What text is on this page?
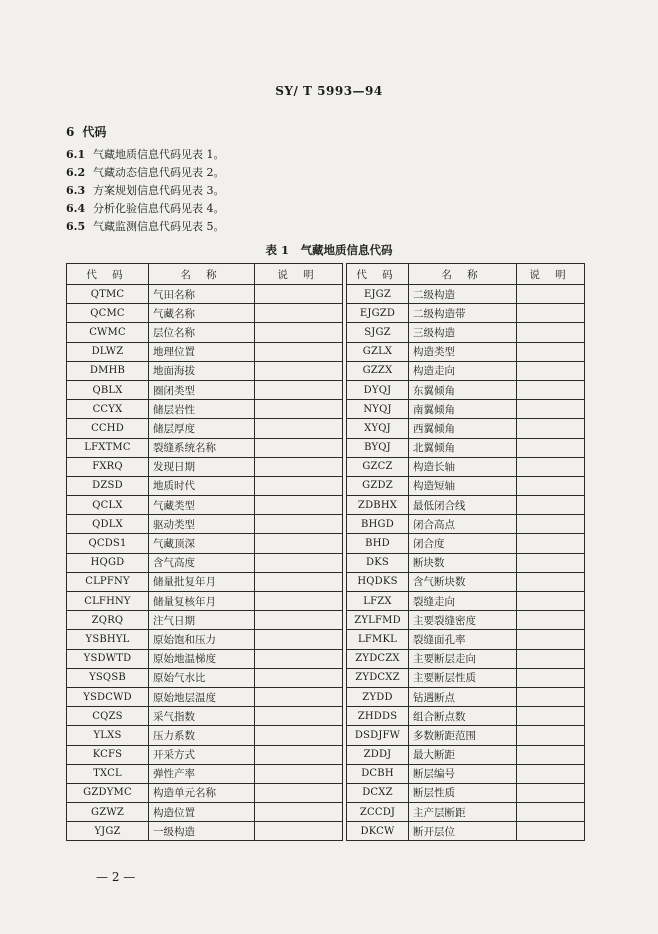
SY/ T 5993—94
6 代码
6.1 气藏地质信息代码见表 1。
6.2 气藏动态信息代码见表 2。
6.3 方案规划信息代码见表 3。
6.4 分析化验信息代码见表 4。
6.5 气藏监测信息代码见表 5。
表 1　气藏地质信息代码
代 码	名 称	说 明		代 码	名 称	说 明
QTMC	气田名称			EJGZ	二级构造	
QCMC	气藏名称			EJGZD	二级构造带	
CWMC	层位名称			SJGZ	三级构造	
DLWZ	地理位置			GZLX	构造类型	
DMHB	地面海拔			GZZX	构造走向	
QBLX	圈闭类型			DYQJ	东翼倾角	
CCYX	储层岩性			NYQJ	南翼倾角	
CCHD	储层厚度			XYQJ	西翼倾角	
LFXTMC	裂缝系统名称			BYQJ	北翼倾角	
FXRQ	发现日期			GZCZ	构造长轴	
DZSD	地质时代			GZDZ	构造短轴	
QCLX	气藏类型			ZDBHX	最低闭合线	
QDLX	驱动类型			BHGD	闭合高点	
QCDS1	气藏顶深			BHD	闭合度	
HQGD	含气高度			DKS	断块数	
CLPFNY	储量批复年月			HQDKS	含气断块数	
CLFHNY	储量复核年月			LFZX	裂缝走向	
ZQRQ	注气日期			ZYLFMD	主要裂缝密度	
YSBHYL	原始饱和压力			LFMKL	裂缝面孔率	
YSDWTD	原始地温梯度			ZYDCZX	主要断层走向	
YSQSB	原始气水比			ZYDCXZ	主要断层性质	
YSDCWD	原始地层温度			ZYDD	钻遇断点	
CQZS	采气指数			ZHDDS	组合断点数	
YLXS	压力系数			DSDJFW	多数断距范围	
KCFS	开采方式			ZDDJ	最大断距	
TXCL	弹性产率			DCBH	断层编号	
GZDYMC	构造单元名称			DCXZ	断层性质	
GZWZ	构造位置			ZCCDJ	主产层断距	
YJGZ	一级构造			DKCW	断开层位	
— 2 —
